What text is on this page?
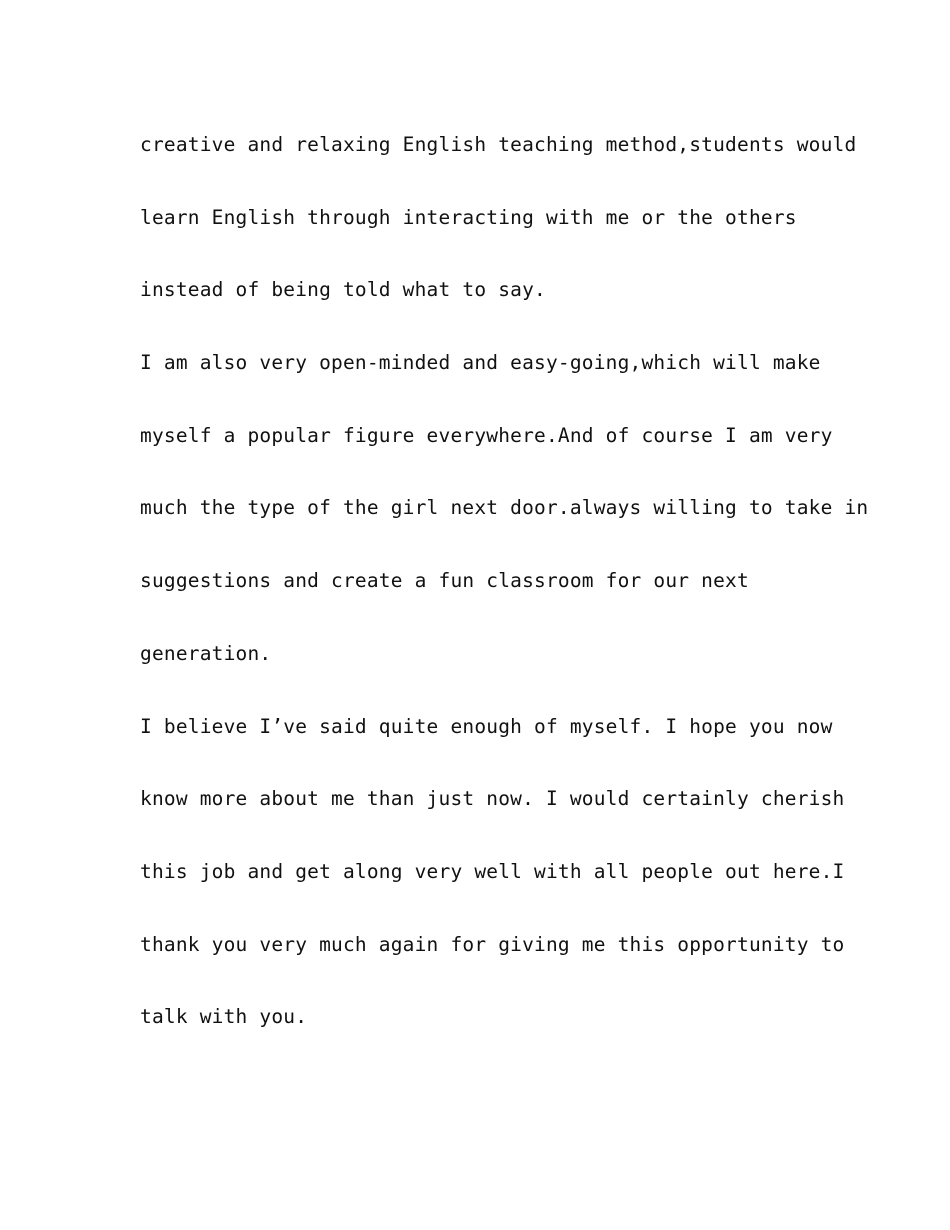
creative and relaxing English teaching method,students would
learn English through interacting with me or the others
instead of being told what to say.
I am also very open-minded and easy-going,which will make
myself a popular figure everywhere.And of course I am very
much the type of the girl next door.always willing to take in
suggestions and create a fun classroom for our next
generation.
I believe I’ve said quite enough of myself. I hope you now
know more about me than just now. I would certainly cherish
this job and get along very well with all people out here.I
thank you very much again for giving me this opportunity to
talk with you.
